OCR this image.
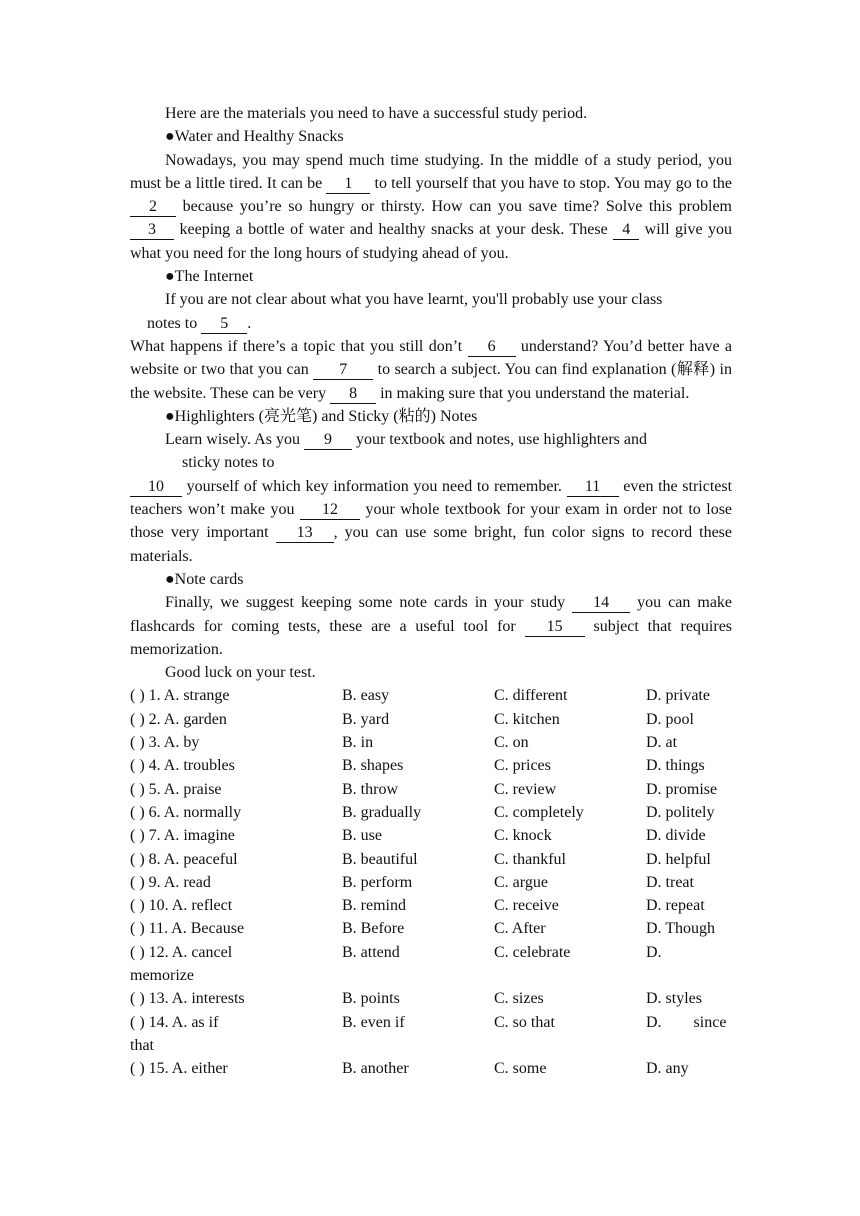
Here are the materials you need to have a successful study period.

●Water and Healthy Snacks

Nowadays, you may spend much time studying. In the middle of a study period, you must be a little tired. It can be 1 to tell yourself that you have to stop. You may go to the 2 because you’re so hungry or thirsty. How can you save time? Solve this problem 3 keeping a bottle of water and healthy snacks at your desk. These 4 will give you what you need for the long hours of studying ahead of you.

●The Internet

If you are not clear about what you have learnt, you'll probably use your class

notes to 5 .

What happens if there’s a topic that you still don’t 6 understand? You’d better have a website or two that you can 7 to search a subject. You can find explanation (解释) in the website. These can be very 8 in making sure that you understand the material.

●Highlighters (亮光笔) and Sticky (粘的) Notes

Learn wisely. As you 9 your textbook and notes, use highlighters and

sticky notes to

10 yourself of which key information you need to remember. 11 even the strictest teachers won’t make you 12 your whole textbook for your exam in order not to lose those very important 13 , you can use some bright, fun color signs to record these materials.

●Note cards

Finally, we suggest keeping some note cards in your study 14 you can make flashcards for coming tests, these are a useful tool for 15 subject that requires memorization.

Good luck on your test.

( ) 1. A. strange	B. easy	C. different	D. private
( ) 2. A. garden	B. yard	C. kitchen	D. pool
( ) 3. A. by	B. in	C. on	D. at
( ) 4. A. troubles	B. shapes	C. prices	D. things
( ) 5. A. praise	B. throw	C. review	D. promise
( ) 6. A. normally	B. gradually	C. completely	D. politely
( ) 7. A. imagine	B. use	C. knock	D. divide
( ) 8. A. peaceful	B. beautiful	C. thankful	D. helpful
( ) 9. A. read	B. perform	C. argue	D. treat
( ) 10. A. reflect	B. remind	C. receive	D. repeat
( ) 11. A. Because	B. Before	C. After	D. Though
( ) 12. A. cancel	B. attend	C. celebrate	D.
memorize
( ) 13. A. interests	B. points	C. sizes	D. styles
( ) 14. A. as if	B. even if	C. so that	D.        since
that
( ) 15. A. either	B. another	C. some	D. any
